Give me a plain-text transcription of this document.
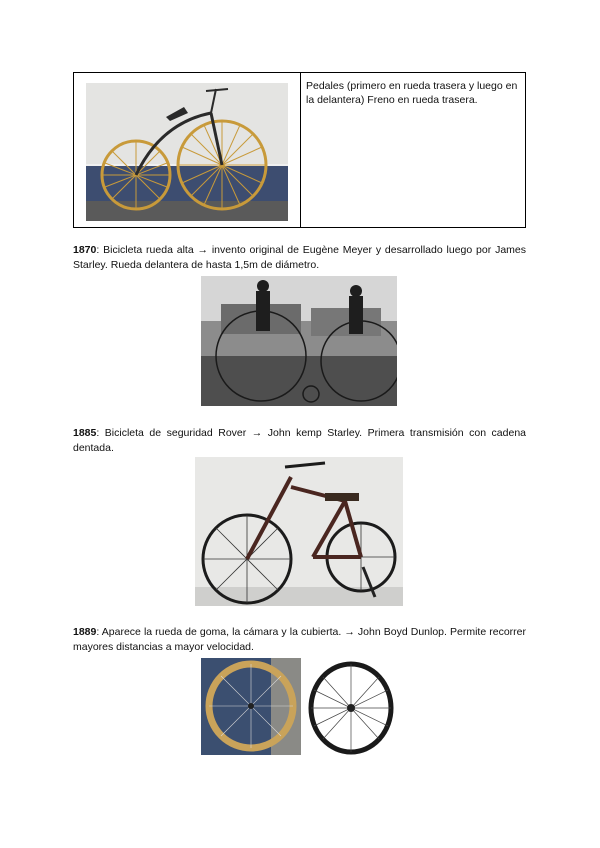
Pedales (primero en rueda trasera y luego en la delantera) Freno en rueda trasera.
1870: Bicicleta rueda alta → invento original de Eugène Meyer y desarrollado luego por James Starley. Rueda delantera de hasta 1,5m de diámetro.
1885: Bicicleta de seguridad Rover → John kemp Starley. Primera transmisión con cadena dentada.
1889: Aparece la rueda de goma, la cámara y la cubierta. → John Boyd Dunlop. Permite recorrer mayores distancias a mayor velocidad.
